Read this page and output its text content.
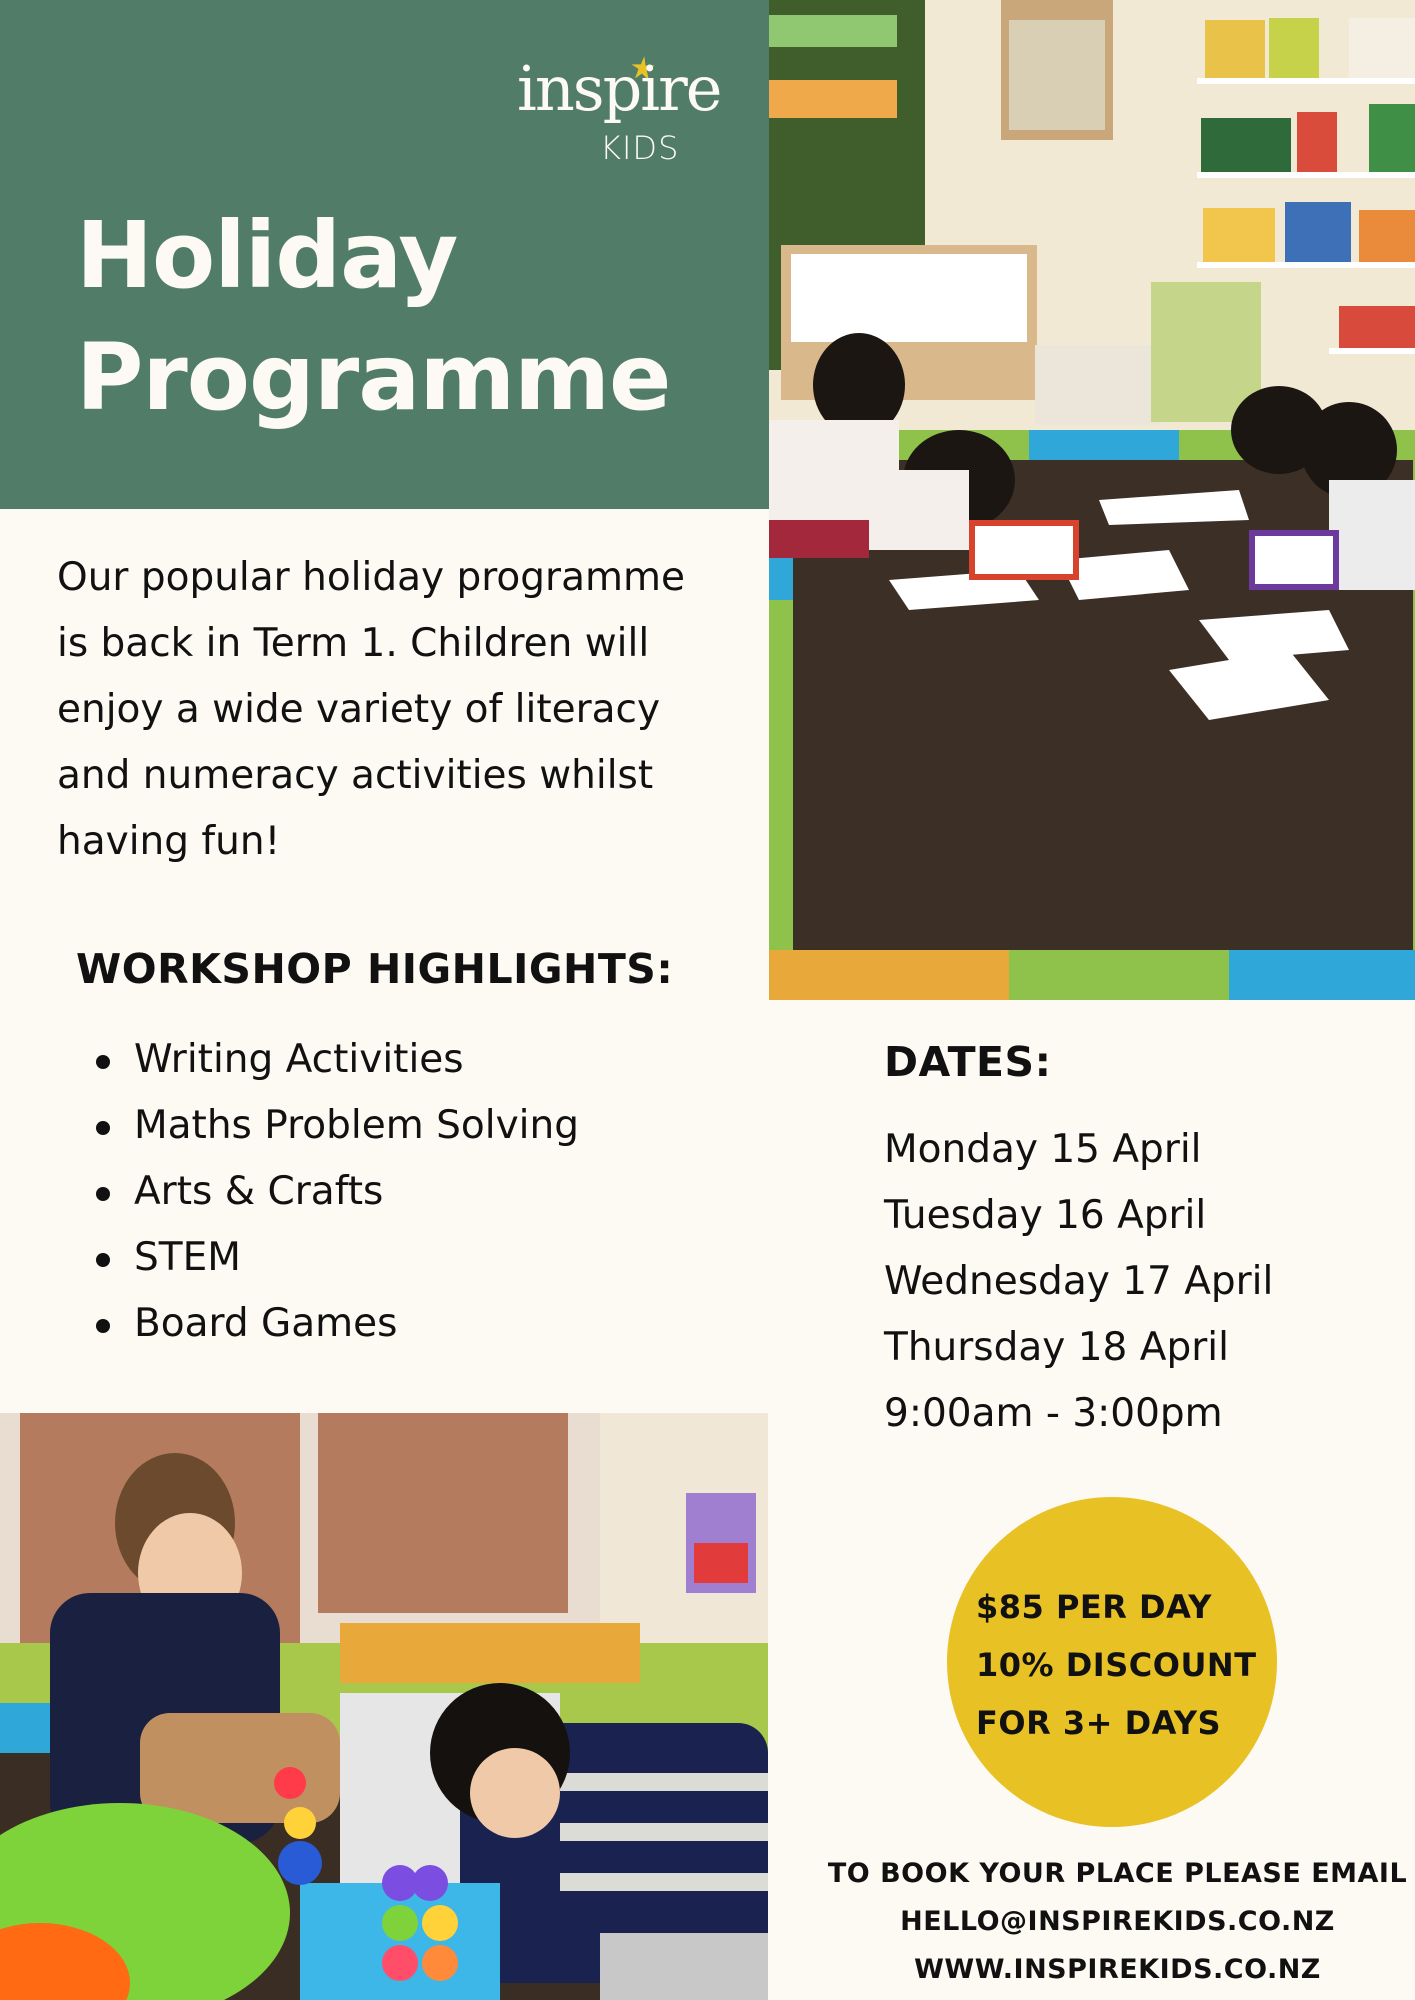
inspire
KIDS
Holiday
Programme
Our popular holiday programme
is back in Term 1. Children will
enjoy a wide variety of literacy
and numeracy activities whilst
having fun!
WORKSHOP HIGHLIGHTS:
Writing Activities
Maths Problem Solving
Arts & Crafts
STEM
Board Games
DATES:
Monday 15 April
Tuesday 16 April
Wednesday 17 April
Thursday 18 April
9:00am - 3:00pm
$85 PER DAY
10% DISCOUNT
FOR 3+ DAYS
TO BOOK YOUR PLACE PLEASE EMAIL
HELLO@INSPIREKIDS.CO.NZ
WWW.INSPIREKIDS.CO.NZ
